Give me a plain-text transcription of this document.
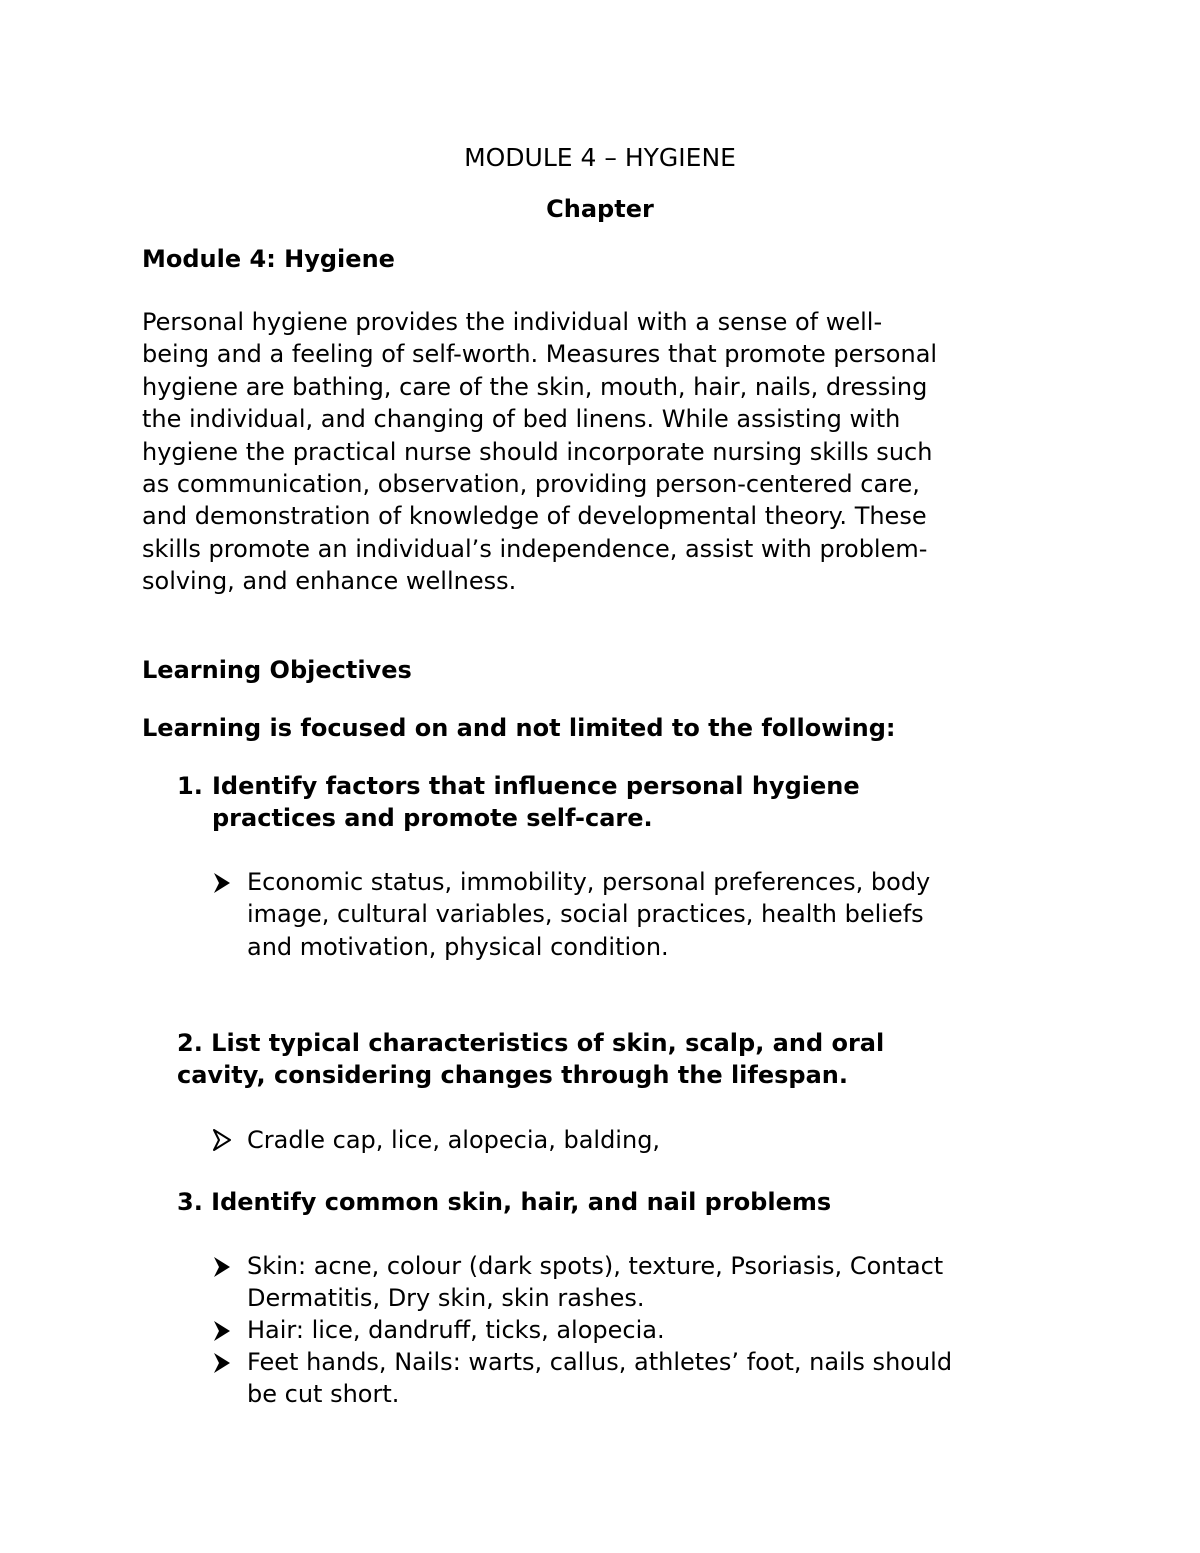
MODULE 4 – HYGIENE

Chapter

Module 4: Hygiene

Personal hygiene provides the individual with a sense of well-
being and a feeling of self-worth. Measures that promote personal
hygiene are bathing, care of the skin, mouth, hair, nails, dressing
the individual, and changing of bed linens. While assisting with
hygiene the practical nurse should incorporate nursing skills such
as communication, observation, providing person-centered care,
and demonstration of knowledge of developmental theory. These
skills promote an individual’s independence, assist with problem-
solving, and enhance wellness.

Learning Objectives

Learning is focused on and not limited to the following:

1. Identify factors that influence personal hygiene
practices and promote self-care.
Economic status, immobility, personal preferences, body
image, cultural variables, social practices, health beliefs
and motivation, physical condition.
2. List typical characteristics of skin, scalp, and oral
cavity, considering changes through the lifespan.

Cradle cap, lice, alopecia, balding,

3. Identify common skin, hair, and nail problems

Skin: acne, colour (dark spots), texture, Psoriasis, Contact
Dermatitis, Dry skin, skin rashes.

Hair: lice, dandruff, ticks, alopecia.

Feet hands, Nails: warts, callus, athletes’ foot, nails should
be cut short.
